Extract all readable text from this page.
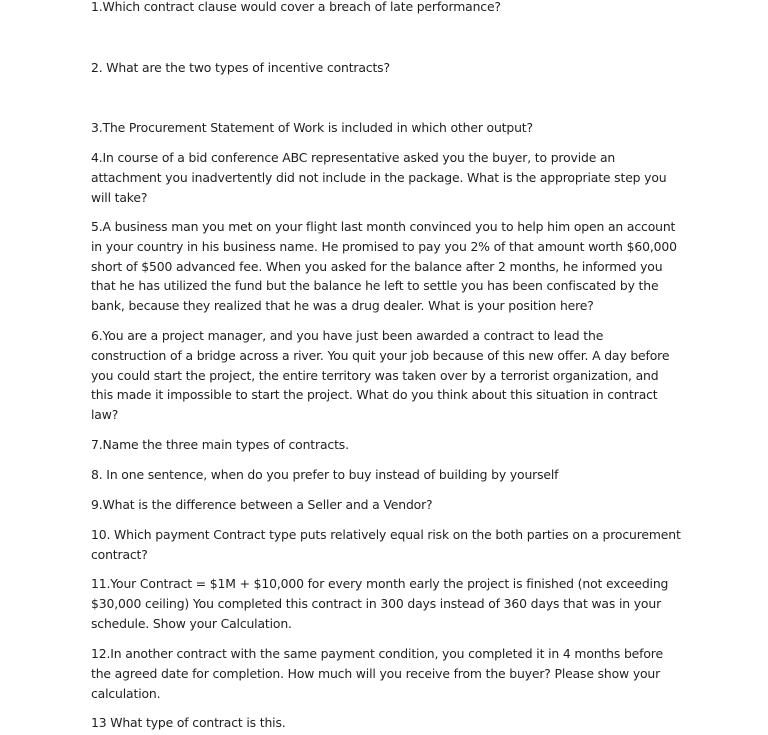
1.Which contract clause would cover a breach of late performance?

2. What are the two types of incentive contracts?

3.The Procurement Statement of Work is included in which other output?

4.In course of a bid conference ABC representative asked you the buyer, to provide an attachment you inadvertently did not include in the package. What is the appropriate step you will take?

5.A business man you met on your flight last month convinced you to help him open an account in your country in his business name. He promised to pay you 2% of that amount worth $60,000 short of $500 advanced fee. When you asked for the balance after 2 months, he informed you that he has utilized the fund but the balance he left to settle you has been confiscated by the bank, because they realized that he was a drug dealer. What is your position here?

6.You are a project manager, and you have just been awarded a contract to lead the construction of a bridge across a river. You quit your job because of this new offer. A day before you could start the project, the entire territory was taken over by a terrorist organization, and this made it impossible to start the project. What do you think about this situation in contract law?

7.Name the three main types of contracts.

8. In one sentence, when do you prefer to buy instead of building by yourself

9.What is the difference between a Seller and a Vendor?

10. Which payment Contract type puts relatively equal risk on the both parties on a procurement contract?

11.Your Contract = $1M + $10,000 for every month early the project is finished (not exceeding $30,000 ceiling) You completed this contract in 300 days instead of 360 days that was in your schedule. Show your Calculation.

12.In another contract with the same payment condition, you completed it in 4 months before the agreed date for completion. How much will you receive from the buyer? Please show your calculation.

13 What type of contract is this.
